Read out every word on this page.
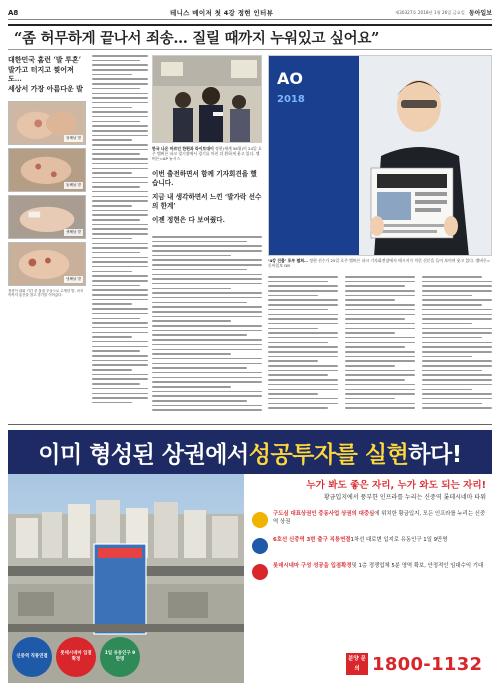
A8	테니스 메이저 첫 4강 정현 인터뷰	제30327호 2018년 1월 26일 금요일 동아일보
“좀 허무하게 끝나서 죄송… 질릴 때까지 누워있고 싶어요”

대한민국 홈런 ‘발 투혼’

발가고 터지고 찢어져도…

세상서 가장 아름다운 발

첫째날 발
둘째날 발
셋째날 발
넷째날 발
정현이 대회 기간 중 물집 부상으로 고생한 발. 마지막까지 통증을 참고 경기를 이어갔다.
한국 나온 마르인 한편과 라이트대이 정현(세계 58위)이 24일 호주 멜버른 파크 경기장에서 경기를 마친 뒤 환하게 웃고 있다. 멜버른=AP 뉴시스

이번 출전하면서 함께 기자회견을 했습니다.

지금 내 생각하면서 느낀 ‘발가락 선수의 한계’

이젠 정현은 다 보여줬다.

AO
2018
‘4강 진출’ 포부 펼쳐… 정현 선수가 25일 호주 멜버른 파크 기자회견장에서 메시지가 적힌 신문을 들어 보이며 웃고 있다. 멜버른=동아일보 DB
이미 형성된 상권에서 성공투자를 실현 하다!
신중역 직통연결
롯데시네마 입점확정
1일 유동인구 9만명
누가 봐도 좋은 자리, 누가 와도 되는 자리!
황금입지에서 풍부한 인프라를 누리는 신중역 롯데시네마 타워
구도심 대표상권인 중동사업 상권의 대중심에 위치한 황금입지, 모든 인프라를 누리는 신중역 상권
6호선 신중역 3번 출구 직통연결1차선 대로변 입지로 유동인구 1일 9만명
롯데시네마 구성 성공을 입점확정및 1층 경쟁업체 5분 영역 확보, 안정적인 임대수익 기대
분양 문의 1800-1132
